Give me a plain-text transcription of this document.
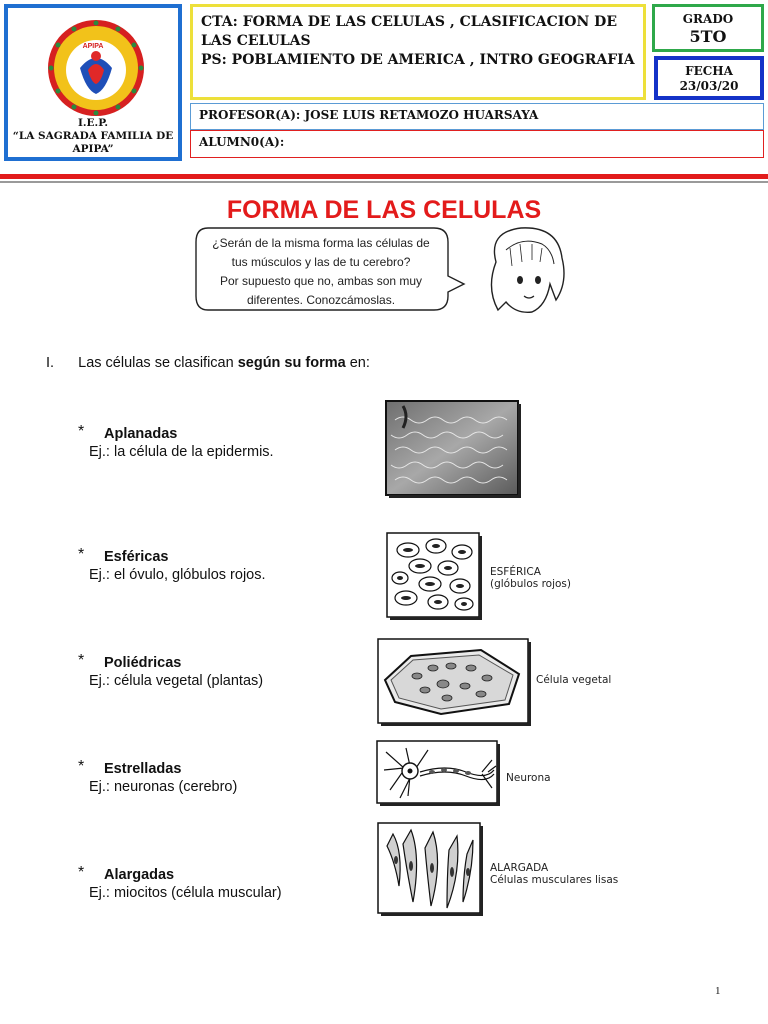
APIPA
I.E.P.
“LA SAGRADA FAMILIA DE
APIPA”
CTA: FORMA DE LAS CELULAS , CLASIFICACION DE LAS CELULAS
PS: POBLAMIENTO DE AMERICA , INTRO GEOGRAFIA
GRADO
5TO
FECHA
23/03/20
PROFESOR(A): JOSE LUIS RETAMOZO HUARSAYA
ALUMN0(A):
FORMA DE LAS CELULAS
¿Serán de la misma forma las células de
tus músculos y las de tu cerebro?
Por supuesto que no, ambas son muy
diferentes. Conozcámoslas.
I. Las células se clasifican según su forma en:
* Aplanadas
Ej.: la célula de la epidermis.
* Esféricas
Ej.: el óvulo, glóbulos rojos.
* Poliédricas
Ej.: célula vegetal (plantas)
* Estrelladas
Ej.: neuronas (cerebro)
* Alargadas
Ej.: miocitos (célula muscular)
ESFÉRICA
(glóbulos rojos)
Célula vegetal
Neurona
ALARGADA
Células musculares lisas
1
